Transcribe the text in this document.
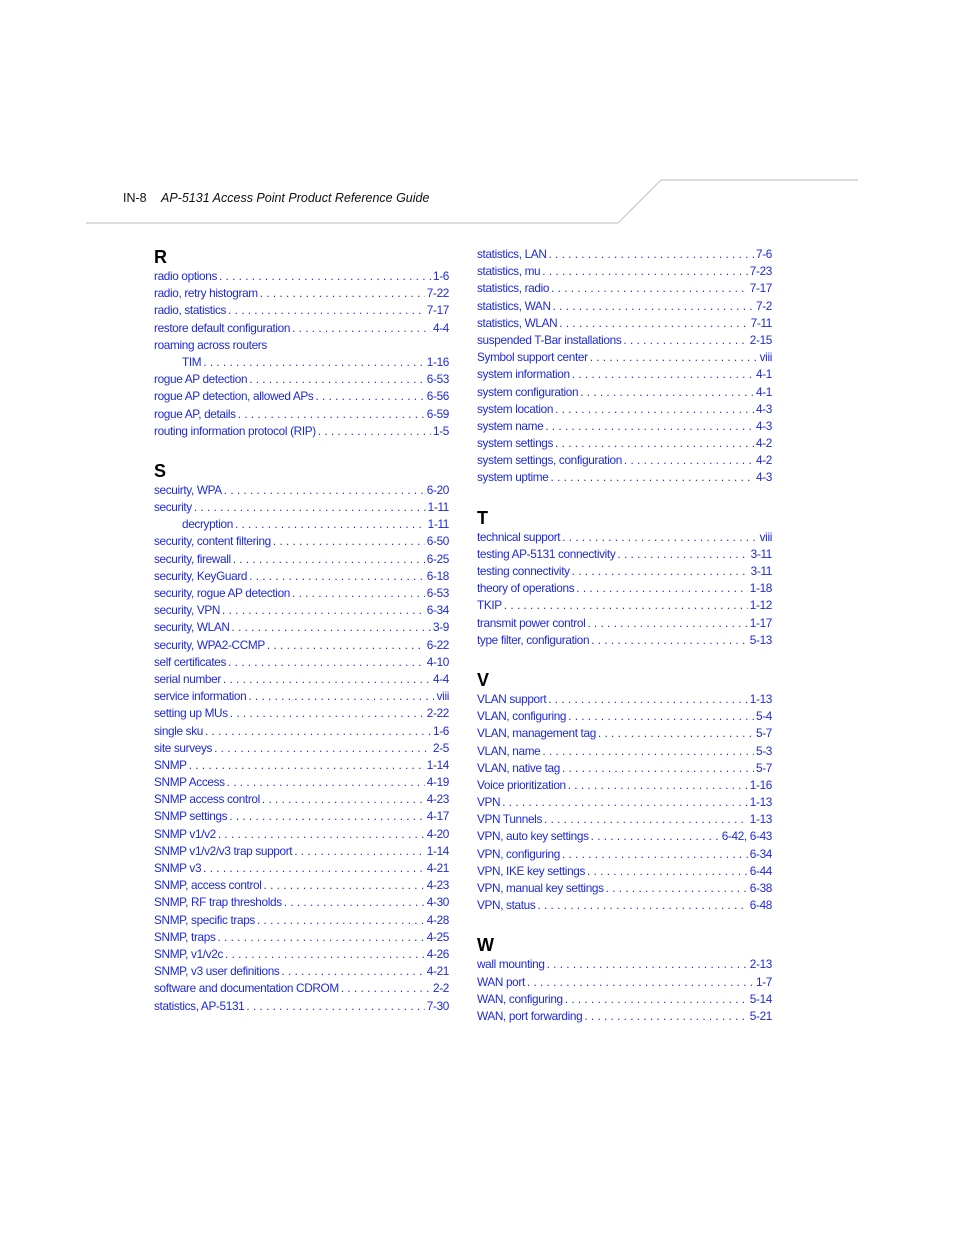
IN-8 AP-5131 Access Point Product Reference Guide
R
radio options . . .	1-6
radio, retry histogram . . .	7-22
radio, statistics . . .	7-17
restore default configuration . . .	4-4
roaming across routers
TIM . . .	1-16
rogue AP detection . . .	6-53
rogue AP detection, allowed APs . . .	6-56
rogue AP, details . . .	6-59
routing information protocol (RIP) . . .	1-5
S
secuirty, WPA . . .	6-20
security . . .	1-11
decryption . . .	1-11
security, content filtering . . .	6-50
security, firewall . . .	6-25
security, KeyGuard . . .	6-18
security, rogue AP detection . . .	6-53
security, VPN . . .	6-34
security, WLAN . . .	3-9
security, WPA2-CCMP . . .	6-22
self certificates . . .	4-10
serial number . . .	4-4
service information . . .	viii
setting up MUs . . .	2-22
single sku . . .	1-6
site surveys . . .	2-5
SNMP . . .	1-14
SNMP Access . . .	4-19
SNMP access control . . .	4-23
SNMP settings . . .	4-17
SNMP v1/v2 . . .	4-20
SNMP v1/v2/v3 trap support . . .	1-14
SNMP v3 . . .	4-21
SNMP, access control . . .	4-23
SNMP, RF trap thresholds . . .	4-30
SNMP, specific traps . . .	4-28
SNMP, traps . . .	4-25
SNMP, v1/v2c . . .	4-26
SNMP, v3 user definitions . . .	4-21
software and documentation CDROM . . .	2-2
statistics, AP-5131 . . .	7-30
statistics, LAN . . .	7-6
statistics, mu . . .	7-23
statistics, radio . . .	7-17
statistics, WAN . . .	7-2
statistics, WLAN . . .	7-11
suspended T-Bar installations . . .	2-15
Symbol support center . . .	viii
system information . . .	4-1
system configuration . . .	4-1
system location . . .	4-3
system name . . .	4-3
system settings . . .	4-2
system settings, configuration . . .	4-2
system uptime . . .	4-3
T
technical support . . .	viii
testing AP-5131 connectivity . . .	3-11
testing connectivity . . .	3-11
theory of operations . . .	1-18
TKIP . . .	1-12
transmit power control . . .	1-17
type filter, configuration . . .	5-13
V
VLAN support . . .	1-13
VLAN, configuring . . .	5-4
VLAN, management tag . . .	5-7
VLAN, name . . .	5-3
VLAN, native tag . . .	5-7
Voice prioritization . . .	1-16
VPN . . .	1-13
VPN Tunnels . . .	1-13
VPN, auto key settings . . .	6-42, 6-43
VPN, configuring . . .	6-34
VPN, IKE key settings . . .	6-44
VPN, manual key settings . . .	6-38
VPN, status . . .	6-48
W
wall mounting . . .	2-13
WAN port . . .	1-7
WAN, configuring . . .	5-14
WAN, port forwarding . . .	5-21
